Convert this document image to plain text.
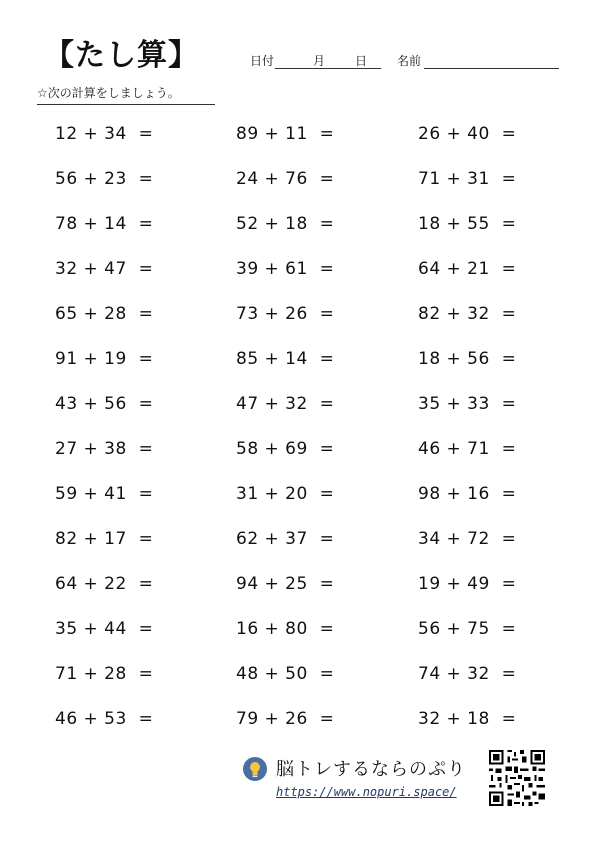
【たし算】	日付	月 日 名前
☆次の計算をしましょう。
12 + 34  =
56 + 23  =
78 + 14  =
32 + 47  =
65 + 28  =
91 + 19  =
43 + 56  =
27 + 38  =
59 + 41  =
82 + 17  =
64 + 22  =
35 + 44  =
71 + 28  =
46 + 53  =
89 + 11  =
24 + 76  =
52 + 18  =
39 + 61  =
73 + 26  =
85 + 14  =
47 + 32  =
58 + 69  =
31 + 20  =
62 + 37  =
94 + 25  =
16 + 80  =
48 + 50  =
79 + 26  =
26 + 40  =
71 + 31  =
18 + 55  =
64 + 21  =
82 + 32  =
18 + 56  =
35 + 33  =
46 + 71  =
98 + 16  =
34 + 72  =
19 + 49  =
56 + 75  =
74 + 32  =
32 + 18  =
脳トレするならのぷり
https://www.nopuri.space/
